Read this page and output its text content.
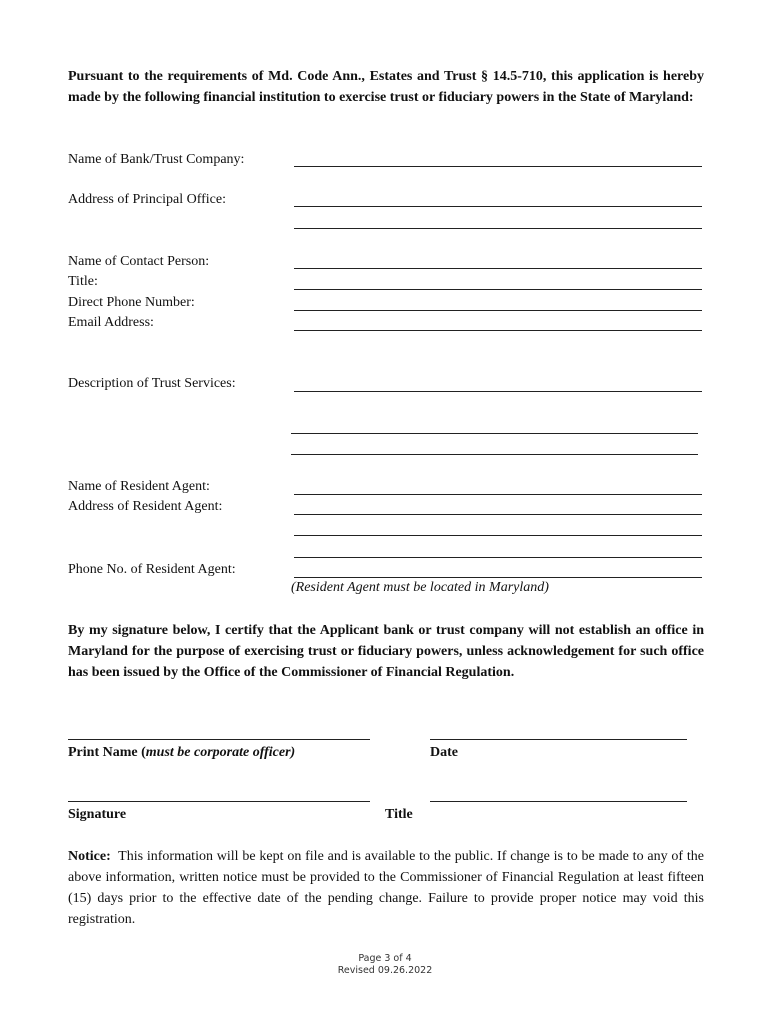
Pursuant to the requirements of Md. Code Ann., Estates and Trust § 14.5-710, this application is hereby made by the following financial institution to exercise trust or fiduciary powers in the State of Maryland:
Name of Bank/Trust Company:
Address of Principal Office:
Name of Contact Person:
Title:
Direct Phone Number:
Email Address:
Description of Trust Services:
Name of Resident Agent:
Address of Resident Agent:
Phone No. of Resident Agent:
(Resident Agent must be located in Maryland)
By my signature below, I certify that the Applicant bank or trust company will not establish an office in Maryland for the purpose of exercising trust or fiduciary powers, unless acknowledgement for such office has been issued by the Office of the Commissioner of Financial Regulation.
Print Name (must be corporate officer)	Date
Signature	Title
Notice: This information will be kept on file and is available to the public. If change is to be made to any of the above information, written notice must be provided to the Commissioner of Financial Regulation at least fifteen (15) days prior to the effective date of the pending change. Failure to provide proper notice may void this registration.
Page 3 of 4
Revised 09.26.2022
